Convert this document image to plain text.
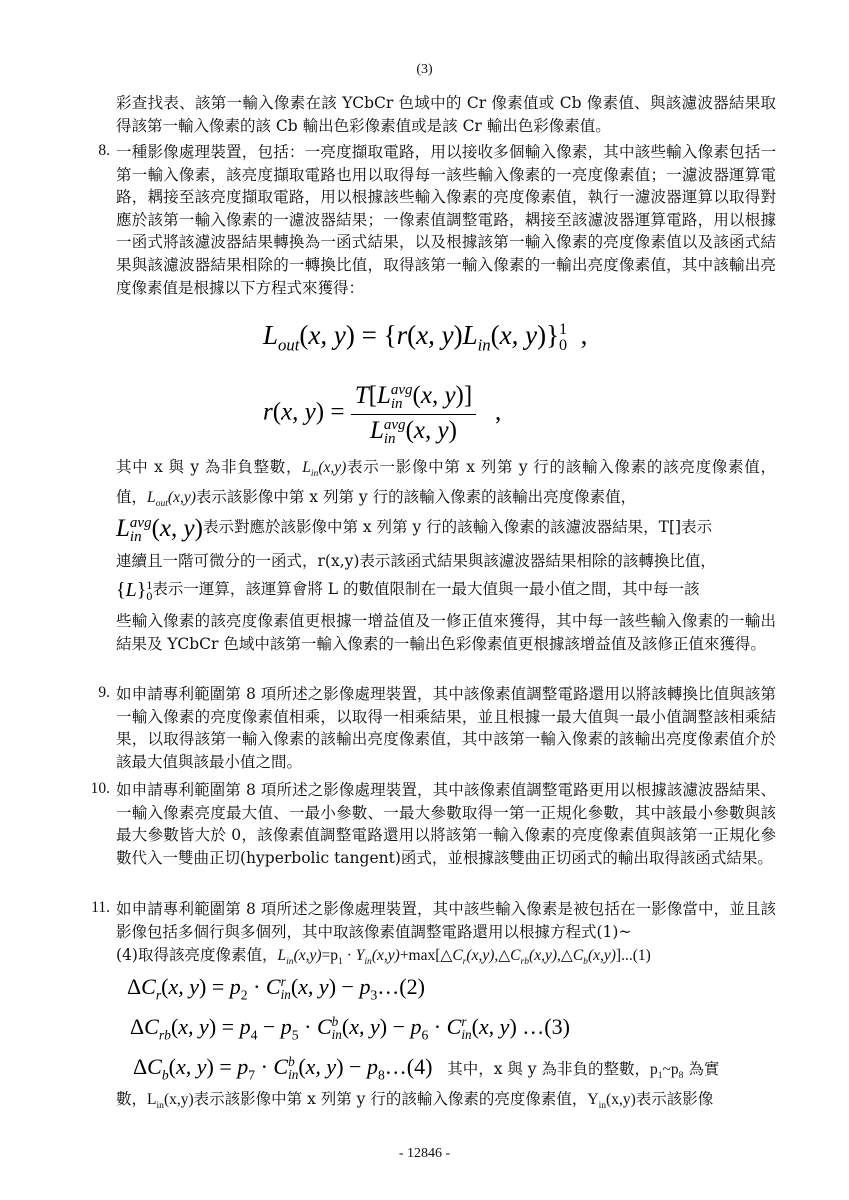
(3)
彩查找表、該第一輸入像素在該 YCbCr 色域中的 Cr 像素值或 Cb 像素值、與該濾波器結果取得該第一輸入像素的該 Cb 輸出色彩像素值或是該 Cr 輸出色彩像素值。
8. 一種影像處理裝置，包括：一亮度擷取電路，用以接收多個輸入像素，其中該些輸入像素包括一第一輸入像素，該亮度擷取電路也用以取得每一該些輸入像素的一亮度像素值；一濾波器運算電路，耦接至該亮度擷取電路，用以根據該些輸入像素的亮度像素值，執行一濾波器運算以取得對應於該第一輸入像素的一濾波器結果；一像素值調整電路，耦接至該濾波器運算電路，用以根據一函式將該濾波器結果轉換為一函式結果，以及根據該第一輸入像素的亮度像素值以及該函式結果與該濾波器結果相除的一轉換比值，取得該第一輸入像素的一輸出亮度像素值，其中該輸出亮度像素值是根據以下方程式來獲得：
$L_{out}(x$, y) = {r(x, $y)L_{in}(x$, y)} 1
0 ,
r(x, y) = T[L avg
in (x, y)]
L avg
in (x, y) ,
其中 x 與 y 為非負整數，$L_{in}(x,y)$表示一影像中第 x 列第 y 行的該輸入像素的該亮度像素值，值，$L_{out}(x,y)$表示該影像中第 x 列第 y 行的該輸入像素的該輸出亮度像素值，
L avg
in (x, y)表示對應於該影像中第 x 列第 y 行的該輸入像素的該濾波器結果，T[]表示
連續且一階可微分的一函式，r(x,y)表示該函式結果與該濾波器結果相除的該轉換比值，
{L} 1
0 表示一運算，該運算會將 L 的數值限制在一最大值與一最小值之間，其中每一該
些輸入像素的該亮度像素值更根據一增益值及一修正值來獲得，其中每一該些輸入像素的一輸出結果及 YCbCr 色域中該第一輸入像素的一輸出色彩像素值更根據該增益值及該修正值來獲得。
9. 如申請專利範圍第 8 項所述之影像處理裝置，其中該像素值調整電路還用以將該轉換比值與該第一輸入像素的亮度像素值相乘，以取得一相乘結果，並且根據一最大值與一最小值調整該相乘結果，以取得該第一輸入像素的該輸出亮度像素值，其中該第一輸入像素的該輸出亮度像素值介於該最大值與該最小值之間。
10. 如申請專利範圍第 8 項所述之影像處理裝置，其中該像素值調整電路更用以根據該濾波器結果、一輸入像素亮度最大值、一最小參數、一最大參數取得一第一正規化參數，其中該最小參數與該最大參數皆大於 0，該像素值調整電路還用以將該第一輸入像素的亮度像素值與該第一正規化參數代入一雙曲正切(hyperbolic tangent)函式，並根據該雙曲正切函式的輸出取得該函式結果。
11. 如申請專利範圍第 8 項所述之影像處理裝置，其中該些輸入像素是被包括在一影像當中，並且該影像包括多個行與多個列，其中取該像素值調整電路還用以根據方程式(1)~
(4)取得該亮度像素值，$L_{in}(x,y)=p_1$ · $Y_{in}(x,y)+\max[\triangle C_r(x,y),\triangle C_{rb}(x,y),\triangle C_b(x,y)]...(1)$
$\Delta C_r(x$, $y) = p_2 \cdot C$ r
in (x, $y) - p_3\dots(2)$
$\Delta C_{rb}(x$, $y) = p_4 - p_5 \cdot C$ b
in (x, $y) - p_6 \cdot C$ r
in (x, y) …(3)
$\Delta C_b(x$, $y) = p_7 \cdot C$ b
in (x, $y) - p_8\dots(4)$ 其中，x 與 y 為非負的整數，$p_1\sim p_8$ 為實
數，$L_{in}(x,y)$表示該影像中第 x 列第 y 行的該輸入像素的亮度像素值，$Y_{in}(x,y)$表示該影像
- 12846 -
